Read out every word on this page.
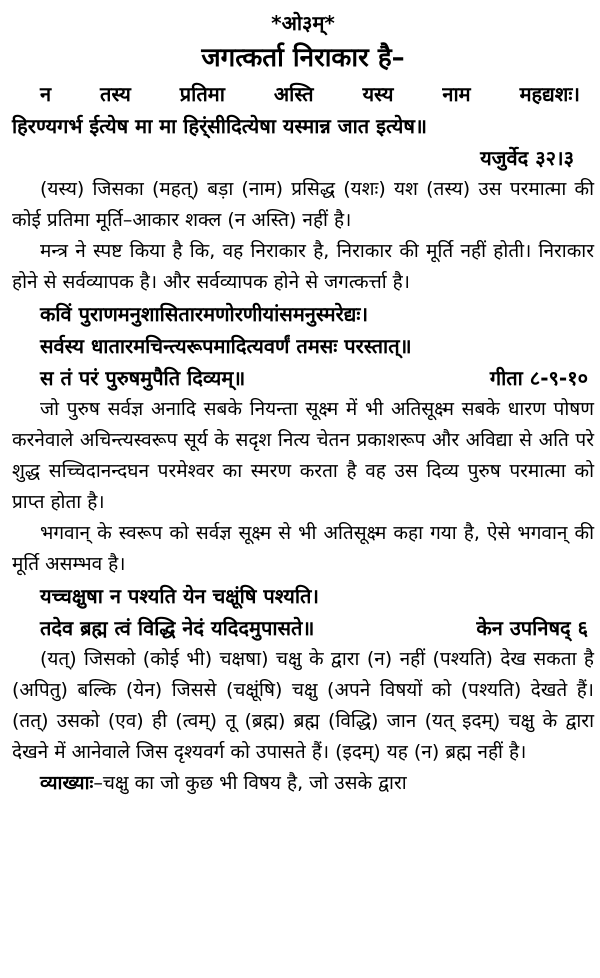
*ओ३म्*
जगत्कर्ता निराकार है–
न तस्य प्रतिमा अस्ति यस्य नाम महद्यशः।
हिरण्यगर्भ ईत्येष मा मा हिर्ंसीदित्येषा यस्मान्न जात इत्येष॥
यजुर्वेद ३२।३

(यस्य) जिसका (महत्) बड़ा (नाम) प्रसिद्ध (यशः) यश (तस्य) उस परमात्मा की कोई प्रतिमा मूर्ति–आकार शक्ल (न अस्ति) नहीं है।

मन्त्र ने स्पष्ट किया है कि, वह निराकार है, निराकार की मूर्ति नहीं होती। निराकार होने से सर्वव्यापक है। और सर्वव्यापक होने से जगत्कर्त्ता है।

कविं पुराणमनुशासितारमणोरणीयांसमनुस्मरेद्यः।
सर्वस्य धातारमचिन्त्यरूपमादित्यवर्णं तमसः परस्तात्॥
स तं परं पुरुषमुपैति दिव्यम्॥	गीता ८-९-१०

जो पुरुष सर्वज्ञ अनादि सबके नियन्ता सूक्ष्म में भी अतिसूक्ष्म सबके धारण पोषण करनेवाले अचिन्त्यस्वरूप सूर्य के सदृश नित्य चेतन प्रकाशरूप और अविद्या से अति परे शुद्ध सच्चिदानन्दघन परमेश्वर का स्मरण करता है वह उस दिव्य पुरुष परमात्मा को प्राप्त होता है।

भगवान् के स्वरूप को सर्वज्ञ सूक्ष्म से भी अतिसूक्ष्म कहा गया है, ऐसे भगवान् की मूर्ति असम्भव है।

यच्चक्षुषा न पश्यति येन चक्षूंषि पश्यति।
तदेव ब्रह्म त्वं विद्धि नेदं यदिदमुपासते॥	केन उपनिषद् ६

(यत्) जिसको (कोई भी) चक्षषा) चक्षु के द्वारा (न) नहीं (पश्यति) देख सकता है (अपितु) बल्कि (येन) जिससे (चक्षूंषि) चक्षु (अपने विषयों को (पश्यति) देखते हैं। (तत्) उसको (एव) ही (त्वम्) तू (ब्रह्म) ब्रह्म (विद्धि) जान (यत् इदम्) चक्षु के द्वारा देखने में आनेवाले जिस दृश्यवर्ग को उपासते हैं। (इदम्) यह (न) ब्रह्म नहीं है।

व्याख्याः–चक्षु का जो कुछ भी विषय है, जो उसके द्वारा
